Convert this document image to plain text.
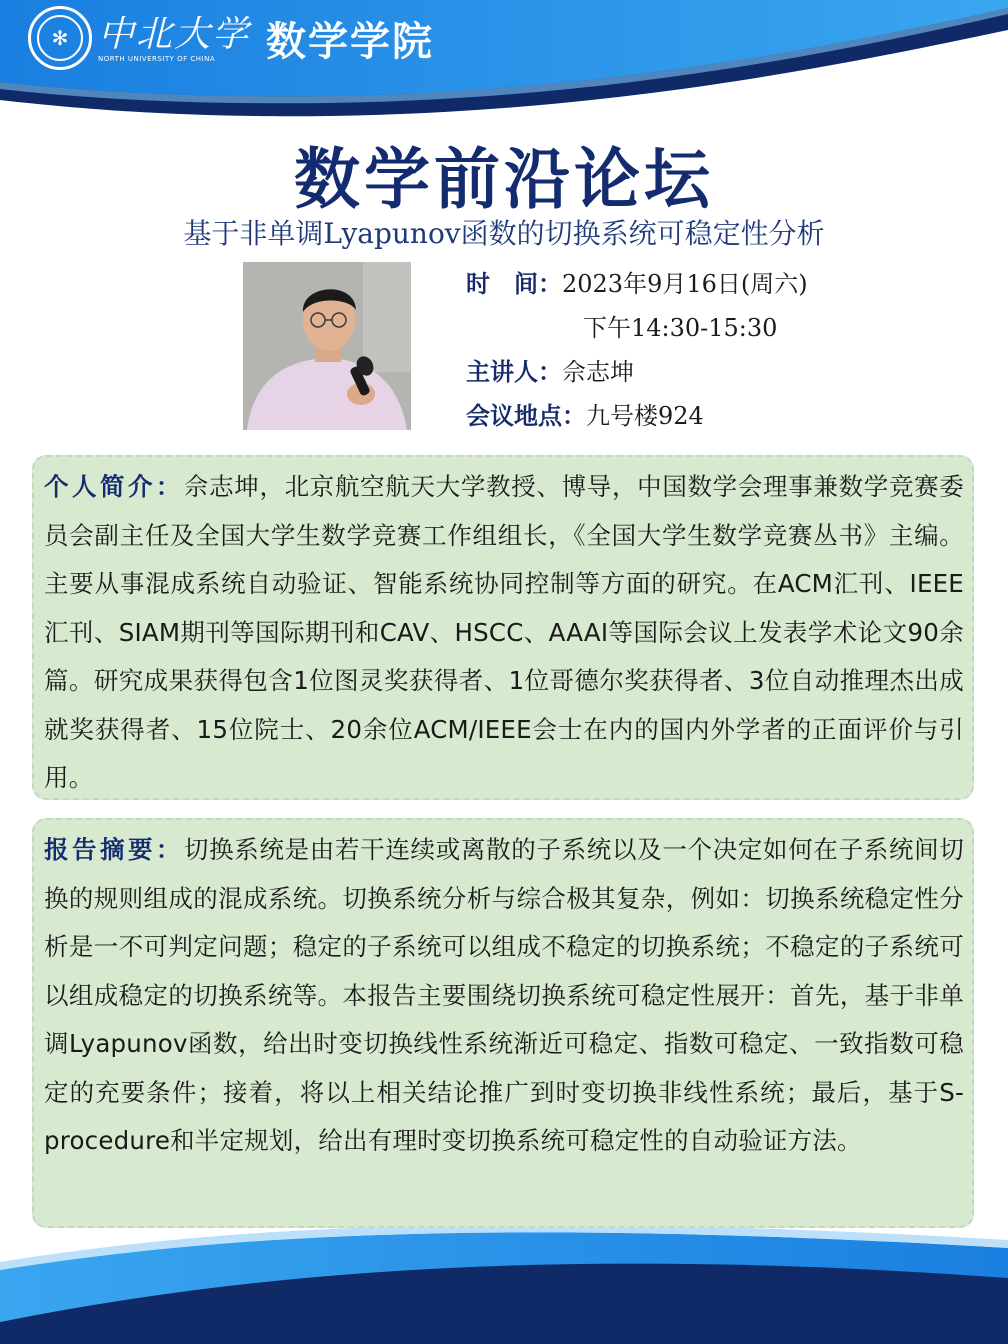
✻ 中北大学
NORTH UNIVERSITY OF CHINA	数学学院
数学前沿论坛
基于非单调Lyapunov函数的切换系统可稳定性分析
时　间：2023年9月16日(周六)
下午14:30-15:30
主讲人：佘志坤
会议地点：九号楼924

个人简介：佘志坤，北京航空航天大学教授、博导，中国数学会理事兼数学竞赛委员会副主任及全国大学生数学竞赛工作组组长，《全国大学生数学竞赛丛书》主编。主要从事混成系统自动验证、智能系统协同控制等方面的研究。在ACM汇刊、IEEE汇刊、SIAM期刊等国际期刊和CAV、HSCC、AAAI等国际会议上发表学术论文90余篇。研究成果获得包含1位图灵奖获得者、1位哥德尔奖获得者、3位自动推理杰出成就奖获得者、15位院士、20余位ACM/IEEE会士在内的国内外学者的正面评价与引用。

报告摘要：切换系统是由若干连续或离散的子系统以及一个决定如何在子系统间切换的规则组成的混成系统。切换系统分析与综合极其复杂，例如：切换系统稳定性分析是一不可判定问题；稳定的子系统可以组成不稳定的切换系统；不稳定的子系统可以组成稳定的切换系统等。本报告主要围绕切换系统可稳定性展开：首先，基于非单调Lyapunov函数，给出时变切换线性系统渐近可稳定、指数可稳定、一致指数可稳定的充要条件；接着，将以上相关结论推广到时变切换非线性系统；最后，基于S-procedure和半定规划，给出有理时变切换系统可稳定性的自动验证方法。
